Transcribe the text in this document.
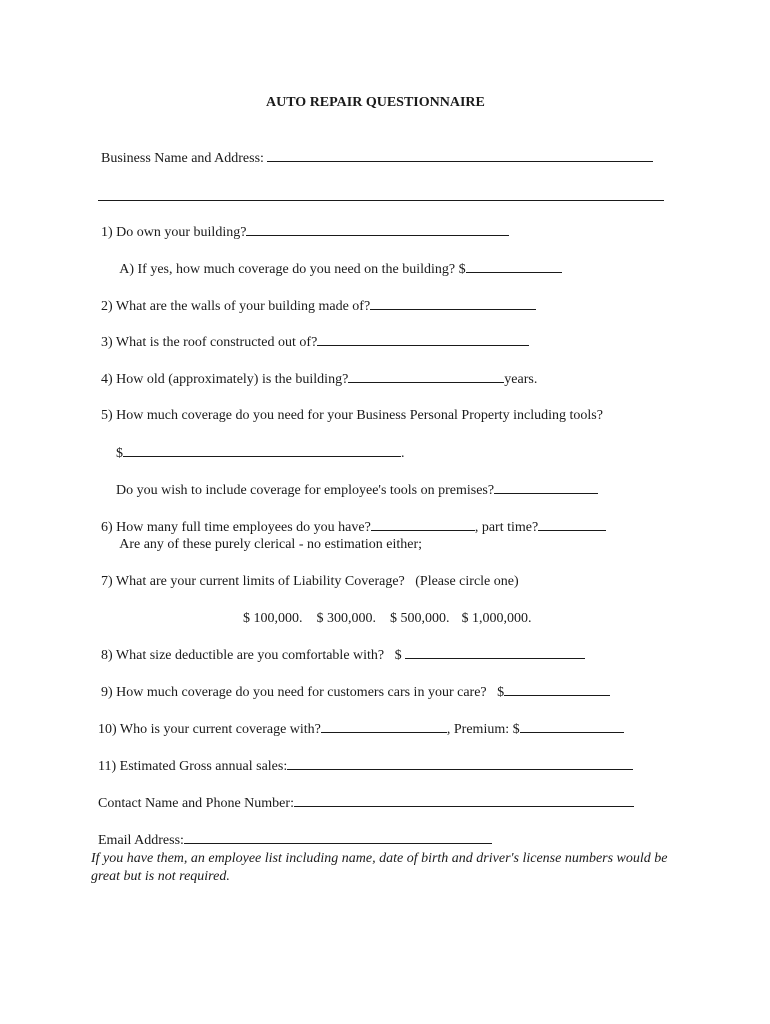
AUTO REPAIR QUESTIONNAIRE

Business Name and Address:

1) Do own your building?

A) If yes, how much coverage do you need on the building? $

2) What are the walls of your building made of?

3) What is the roof constructed out of?

4) How old (approximately) is the building?	years.

5) How much coverage do you need for your Business Personal Property including tools?

$	.

Do you wish to include coverage for employee's tools on premises?

6) How many full time employees do you have?	, part time?

Are any of these purely clerical - no estimation either;

7) What are your current limits of Liability Coverage?   (Please circle one)

$ 100,000. $ 300,000. $ 500,000. $ 1,000,000.

8) What size deductible are you comfortable with?   $

9) How much coverage do you need for customers cars in your care?   $

10) Who is your current coverage with?	, Premium: $

11) Estimated Gross annual sales:

Contact Name and Phone Number:

Email Address:

If you have them, an employee list including name, date of birth and driver's license numbers would be great but is not required.
